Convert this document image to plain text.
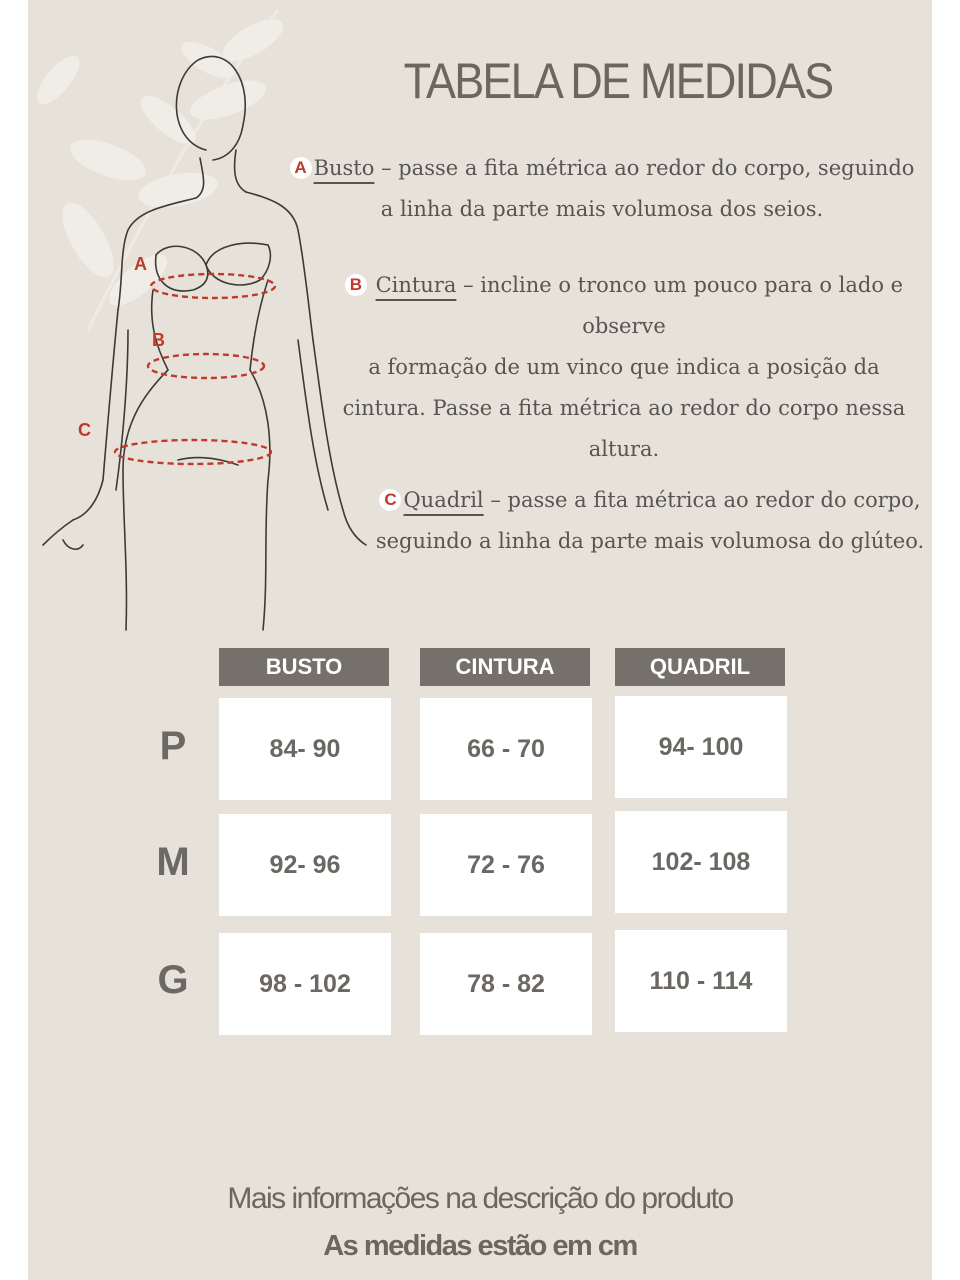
A
B
C
TABELA DE MEDIDAS
A Busto – passe a fita métrica ao redor do corpo, seguindo a linha da parte mais volumosa dos seios.
B Cintura – incline o tronco um pouco para o lado e observe
a formação de um vinco que indica a posição da cintura. Passe a fita métrica ao redor do corpo nessa altura.
C Quadril – passe a fita métrica ao redor do corpo, seguindo a linha da parte mais volumosa do glúteo.
BUSTO	CINTURA	QUADRIL
P	84- 90	66 - 70	94- 100
M	92- 96	72 - 76	102- 108
G	98 - 102	78 - 82	110 - 114
Mais informações na descrição do produto
As medidas estão em cm
